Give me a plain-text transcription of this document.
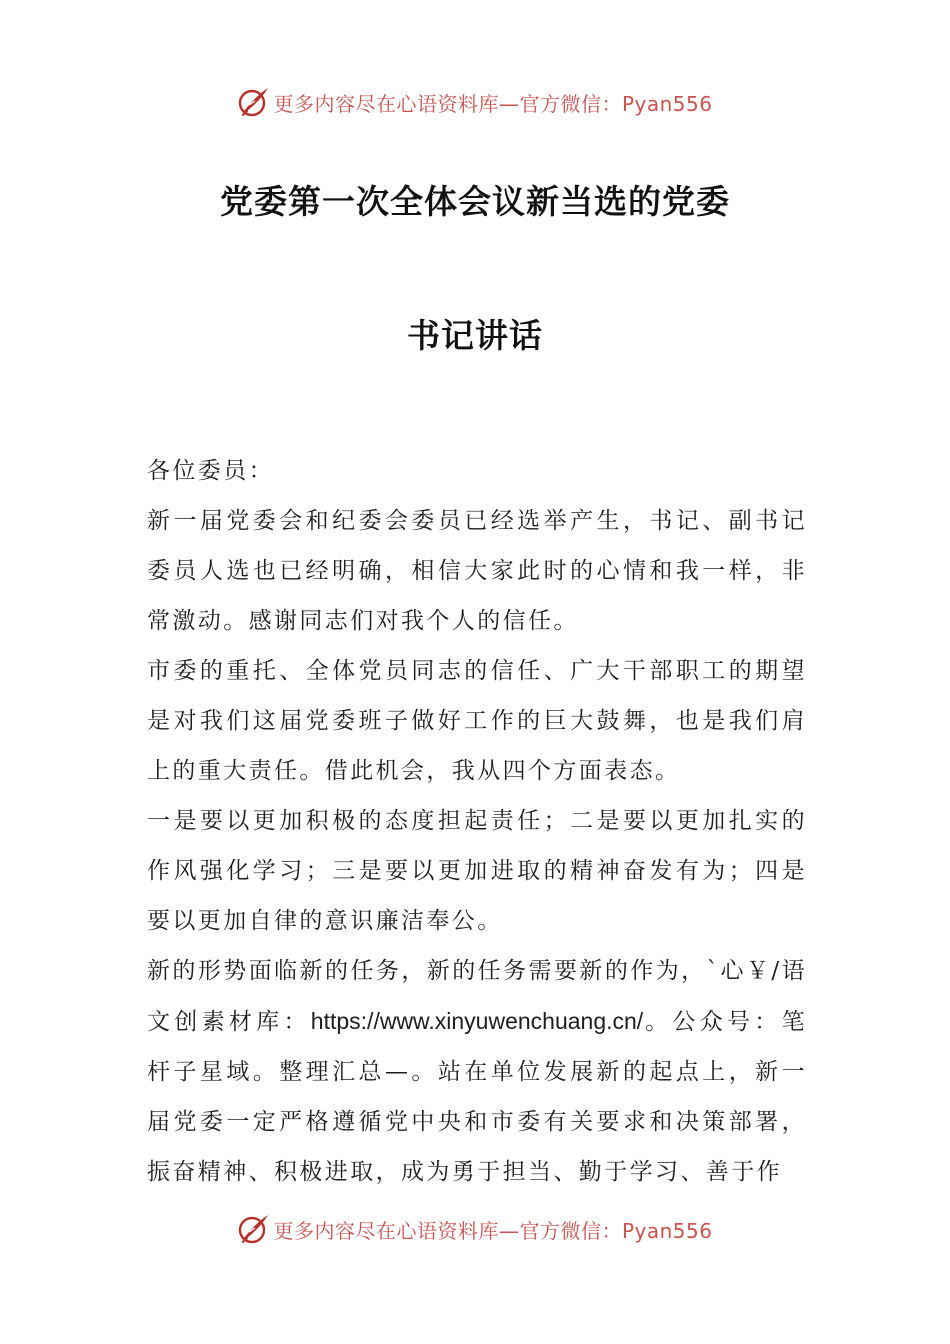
更多内容尽在心语资料库—官方微信：Pyan556
党委第一次全体会议新当选的党委
书记讲话

各位委员：

新一届党委会和纪委会委员已经选举产生，书记、副书记委员人选也已经明确，相信大家此时的心情和我一样，非常激动。感谢同志们对我个人的信任。

市委的重托、全体党员同志的信任、广大干部职工的期望是对我们这届党委班子做好工作的巨大鼓舞，也是我们肩上的重大责任。借此机会，我从四个方面表态。

一是要以更加积极的态度担起责任；二是要以更加扎实的作风强化学习；三是要以更加进取的精神奋发有为；四是要以更加自律的意识廉洁奉公。

新的形势面临新的任务，新的任务需要新的作为，`心￥/语文创素材库：https://www.xinyuwenchuang.cn/。公众号：笔杆子星域。整理汇总—。站在单位发展新的起点上，新一届党委一定严格遵循党中央和市委有关要求和决策部署，振奋精神、积极进取，成为勇于担当、勤于学习、善于作

更多内容尽在心语资料库—官方微信：Pyan556
